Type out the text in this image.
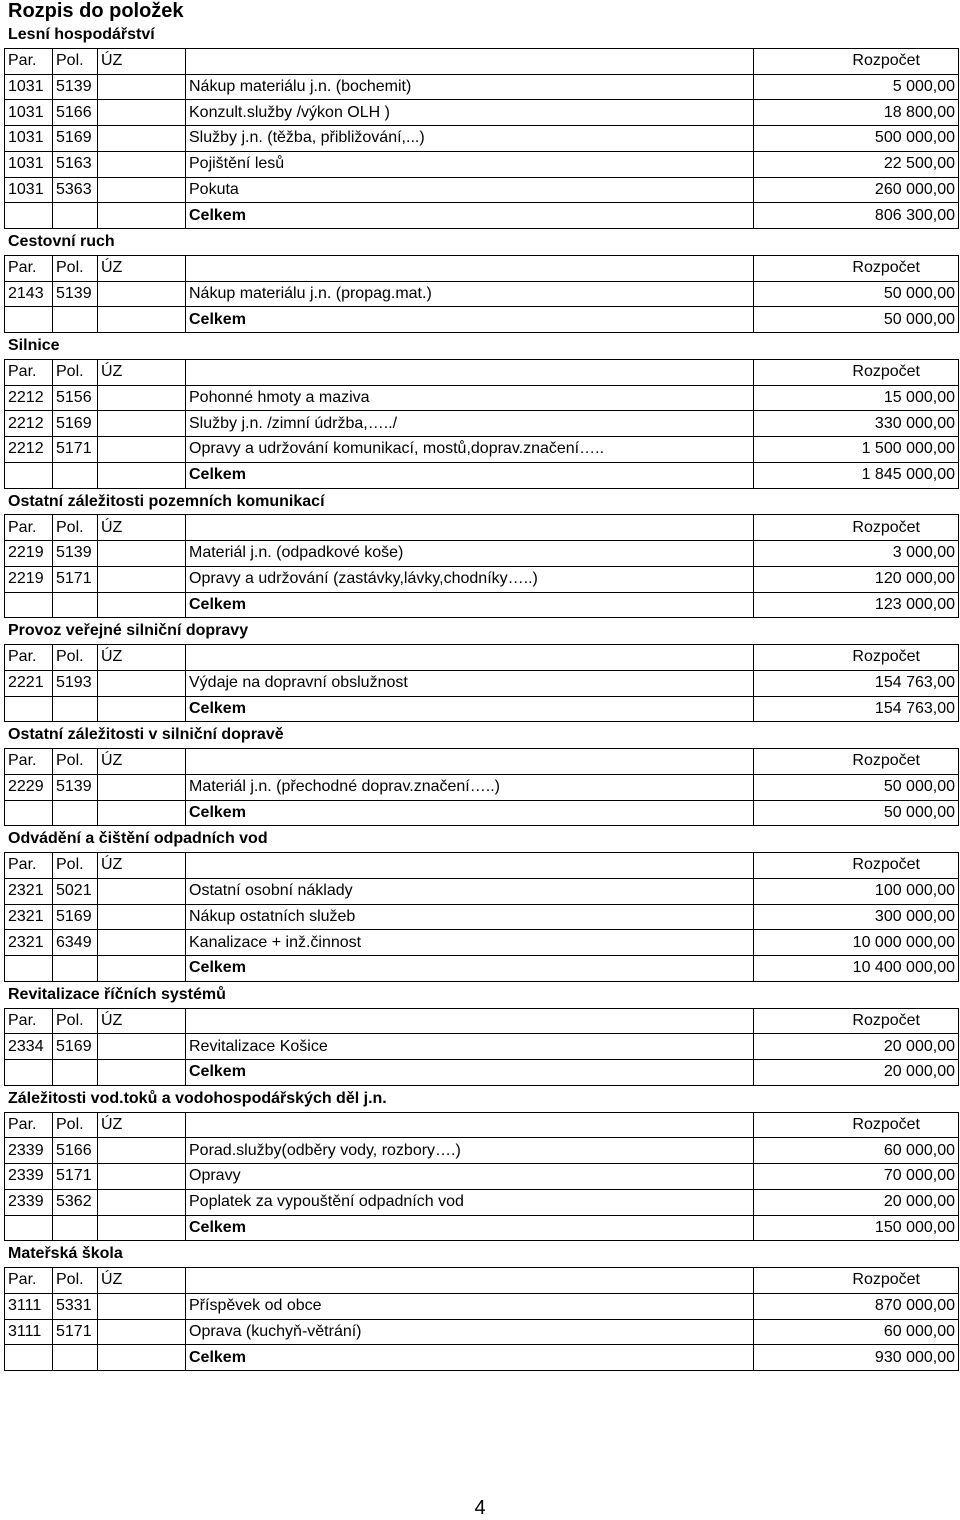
Rozpis do položek
Lesní hospodářství
Par.	Pol.	ÚZ		Rozpočet
1031	5139		Nákup materiálu j.n. (bochemit)	5 000,00
1031	5166		Konzult.služby /výkon OLH )	18 800,00
1031	5169		Služby j.n. (těžba, přibližování,...)	500 000,00
1031	5163		Pojištění lesů	22 500,00
1031	5363		Pokuta	260 000,00
			Celkem	806 300,00
Cestovní ruch
Par.	Pol.	ÚZ		Rozpočet
2143	5139		Nákup materiálu j.n. (propag.mat.)	50 000,00
			Celkem	50 000,00
Silnice
Par.	Pol.	ÚZ		Rozpočet
2212	5156		Pohonné hmoty a maziva	15 000,00
2212	5169		Služby j.n. /zimní údržba,…../	330 000,00
2212	5171		Opravy a udržování komunikací, mostů,doprav.značení…..	1 500 000,00
			Celkem	1 845 000,00
Ostatní záležitosti pozemních komunikací
Par.	Pol.	ÚZ		Rozpočet
2219	5139		Materiál j.n. (odpadkové koše)	3 000,00
2219	5171		Opravy a udržování (zastávky,lávky,chodníky…..)	120 000,00
			Celkem	123 000,00
Provoz veřejné silniční dopravy
Par.	Pol.	ÚZ		Rozpočet
2221	5193		Výdaje na dopravní obslužnost	154 763,00
			Celkem	154 763,00
Ostatní záležitosti v silniční dopravě
Par.	Pol.	ÚZ		Rozpočet
2229	5139		Materiál j.n. (přechodné doprav.značení…..)	50 000,00
			Celkem	50 000,00
Odvádění a čištění odpadních vod
Par.	Pol.	ÚZ		Rozpočet
2321	5021		Ostatní osobní náklady	100 000,00
2321	5169		Nákup ostatních služeb	300 000,00
2321	6349		Kanalizace + inž.činnost	10 000 000,00
			Celkem	10 400 000,00
Revitalizace říčních systémů
Par.	Pol.	ÚZ		Rozpočet
2334	5169		Revitalizace Košice	20 000,00
			Celkem	20 000,00
Záležitosti vod.toků a vodohospodářských děl j.n.
Par.	Pol.	ÚZ		Rozpočet
2339	5166		Porad.služby(odběry vody, rozbory….)	60 000,00
2339	5171		Opravy	70 000,00
2339	5362		Poplatek za vypouštění odpadních vod	20 000,00
			Celkem	150 000,00
Mateřská škola
Par.	Pol.	ÚZ		Rozpočet
3111	5331		Příspěvek od obce	870 000,00
3111	5171		Oprava (kuchyň-větrání)	60 000,00
			Celkem	930 000,00
4
